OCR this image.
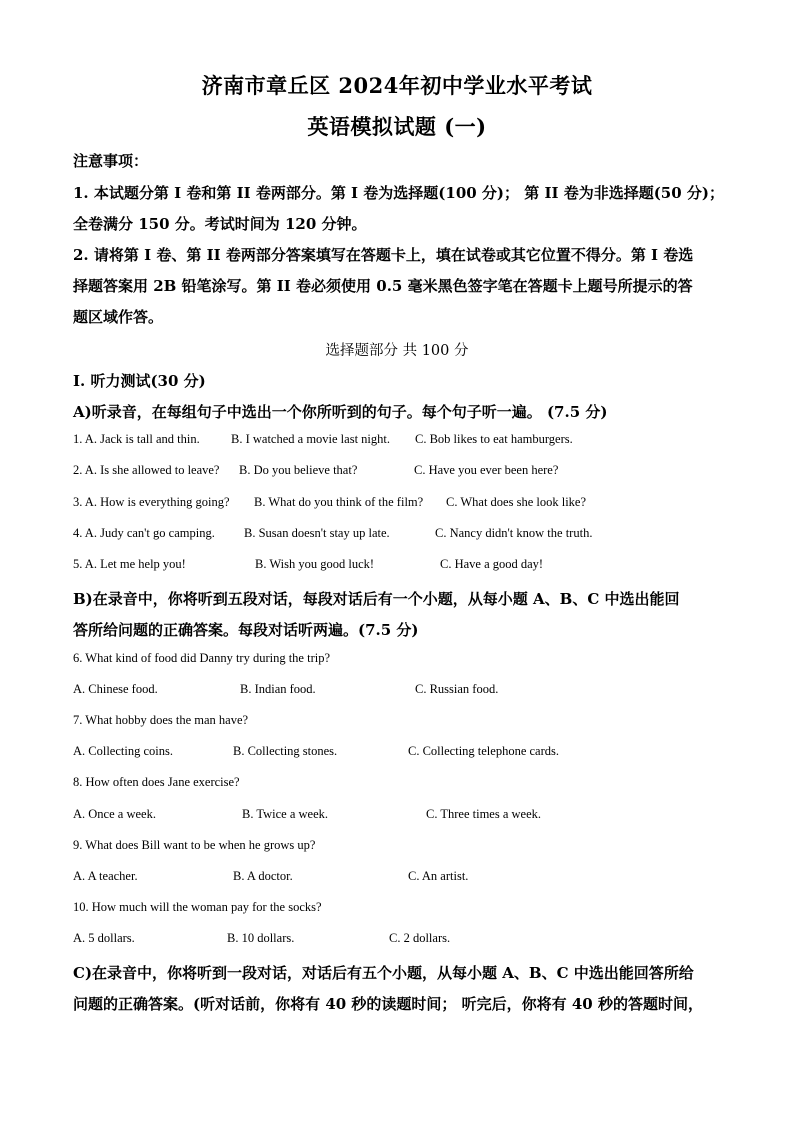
济南市章丘区 2024年初中学业水平考试
英语模拟试题 (一)
注意事项：
1. 本试题分第 I 卷和第 II 卷两部分。第 I 卷为选择题(100 分)； 第 II 卷为非选择题(50 分)；
全卷满分 150 分。考试时间为 120 分钟。
2. 请将第 I 卷、第 II 卷两部分答案填写在答题卡上，填在试卷或其它位置不得分。第 I 卷选
择题答案用 2B 铅笔涂写。第 II 卷必须使用 0.5 毫米黑色签字笔在答题卡上题号所提示的答
题区域作答。
选择题部分 共 100 分
I. 听力测试(30 分)
A)听录音，在每组句子中选出一个你所听到的句子。每个句子听一遍。 (7.5 分)
1. A. Jack is tall and thin.	B. I watched a movie last night. C. Bob likes to eat hamburgers.
2. A. Is she allowed to leave? B. Do you believe that?	C. Have you ever been here?
3. A. How is everything going? B. What do you think of the film? C. What does she look like?
4. A. Judy can't go camping. B. Susan doesn't stay up late.	C. Nancy didn't know the truth.
5. A. Let me help you!	B. Wish you good luck!	C. Have a good day!
B)在录音中，你将听到五段对话，每段对话后有一个小题，从每小题 A、B、C 中选出能回
答所给问题的正确答案。每段对话听两遍。(7.5 分)
6. What kind of food did Danny try during the trip?
A. Chinese food.	B. Indian food.	C. Russian food.
7. What hobby does the man have?
A. Collecting coins.	B. Collecting stones.	C. Collecting telephone cards.
8. How often does Jane exercise?
A. Once a week.	B. Twice a week.	C. Three times a week.
9. What does Bill want to be when he grows up?
A. A teacher.	B. A doctor.	C. An artist.
10. How much will the woman pay for the socks?
A. 5 dollars.	B. 10 dollars.	C. 2 dollars.
C)在录音中，你将听到一段对话，对话后有五个小题，从每小题 A、B、C 中选出能回答所给
问题的正确答案。(听对话前，你将有 40 秒的读题时间； 听完后，你将有 40 秒的答题时间，
